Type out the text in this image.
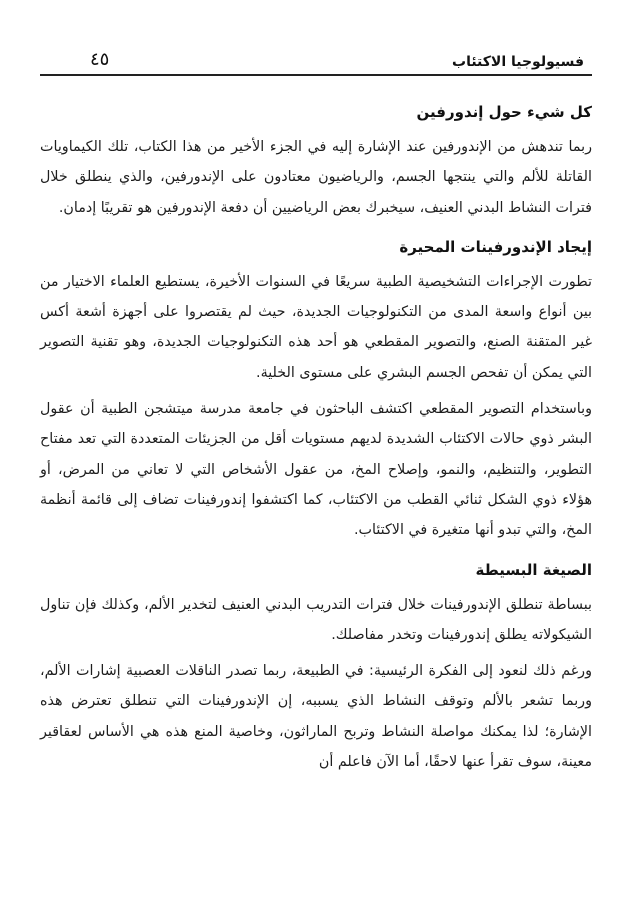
فسيولوجيا الاكتئاب
٤٥
كل شيء حول إندورفين

ربما تندهش من الإندورفين عند الإشارة إليه في الجزء الأخير من هذا الكتاب، تلك الكيماويات القاتلة للألم والتي ينتجها الجسم، والرياضيون معتادون على الإندورفين، والذي ينطلق خلال فترات النشاط البدني العنيف، سيخبرك بعض الرياضيين أن دفعة الإندورفين هو تقريبًا إدمان.

إيجاد الإندورفينات المحيرة

تطورت الإجراءات التشخيصية الطبية سريعًا في السنوات الأخيرة، يستطيع العلماء الاختيار من بين أنواع واسعة المدى من التكنولوجيات الجديدة، حيث لم يقتصروا على أجهزة أشعة أكس غير المتقنة الصنع، والتصوير المقطعي هو أحد هذه التكنولوجيات الجديدة، وهو تقنية التصوير التي يمكن أن تفحص الجسم البشري على مستوى الخلية.

وباستخدام التصوير المقطعي اكتشف الباحثون في جامعة مدرسة ميتشجن الطبية أن عقول البشر ذوي حالات الاكتئاب الشديدة لديهم مستويات أقل من الجزيئات المتعددة التي تعد مفتاح التطوير، والتنظيم، والنمو، وإصلاح المخ، من عقول الأشخاص التي لا تعاني من المرض، أو هؤلاء ذوي الشكل ثنائي القطب من الاكتئاب، كما اكتشفوا إندورفينات تضاف إلى قائمة أنظمة المخ، والتي تبدو أنها متغيرة في الاكتئاب.

الصيغة البسيطة

ببساطة تنطلق الإندورفينات خلال فترات التدريب البدني العنيف لتخدير الألم، وكذلك فإن تناول الشيكولاته يطلق إندورفينات وتخدر مفاصلك.

ورغم ذلك لنعود إلى الفكرة الرئيسية: في الطبيعة، ربما تصدر الناقلات العصبية إشارات الألم، وربما تشعر بالألم وتوقف النشاط الذي يسببه، إن الإندورفينات التي تنطلق تعترض هذه الإشارة؛ لذا يمكنك مواصلة النشاط وتربح الماراثون، وخاصية المنع هذه هي الأساس لعقاقير معينة، سوف تقرأ عنها لاحقًا، أما الآن فاعلم أن
